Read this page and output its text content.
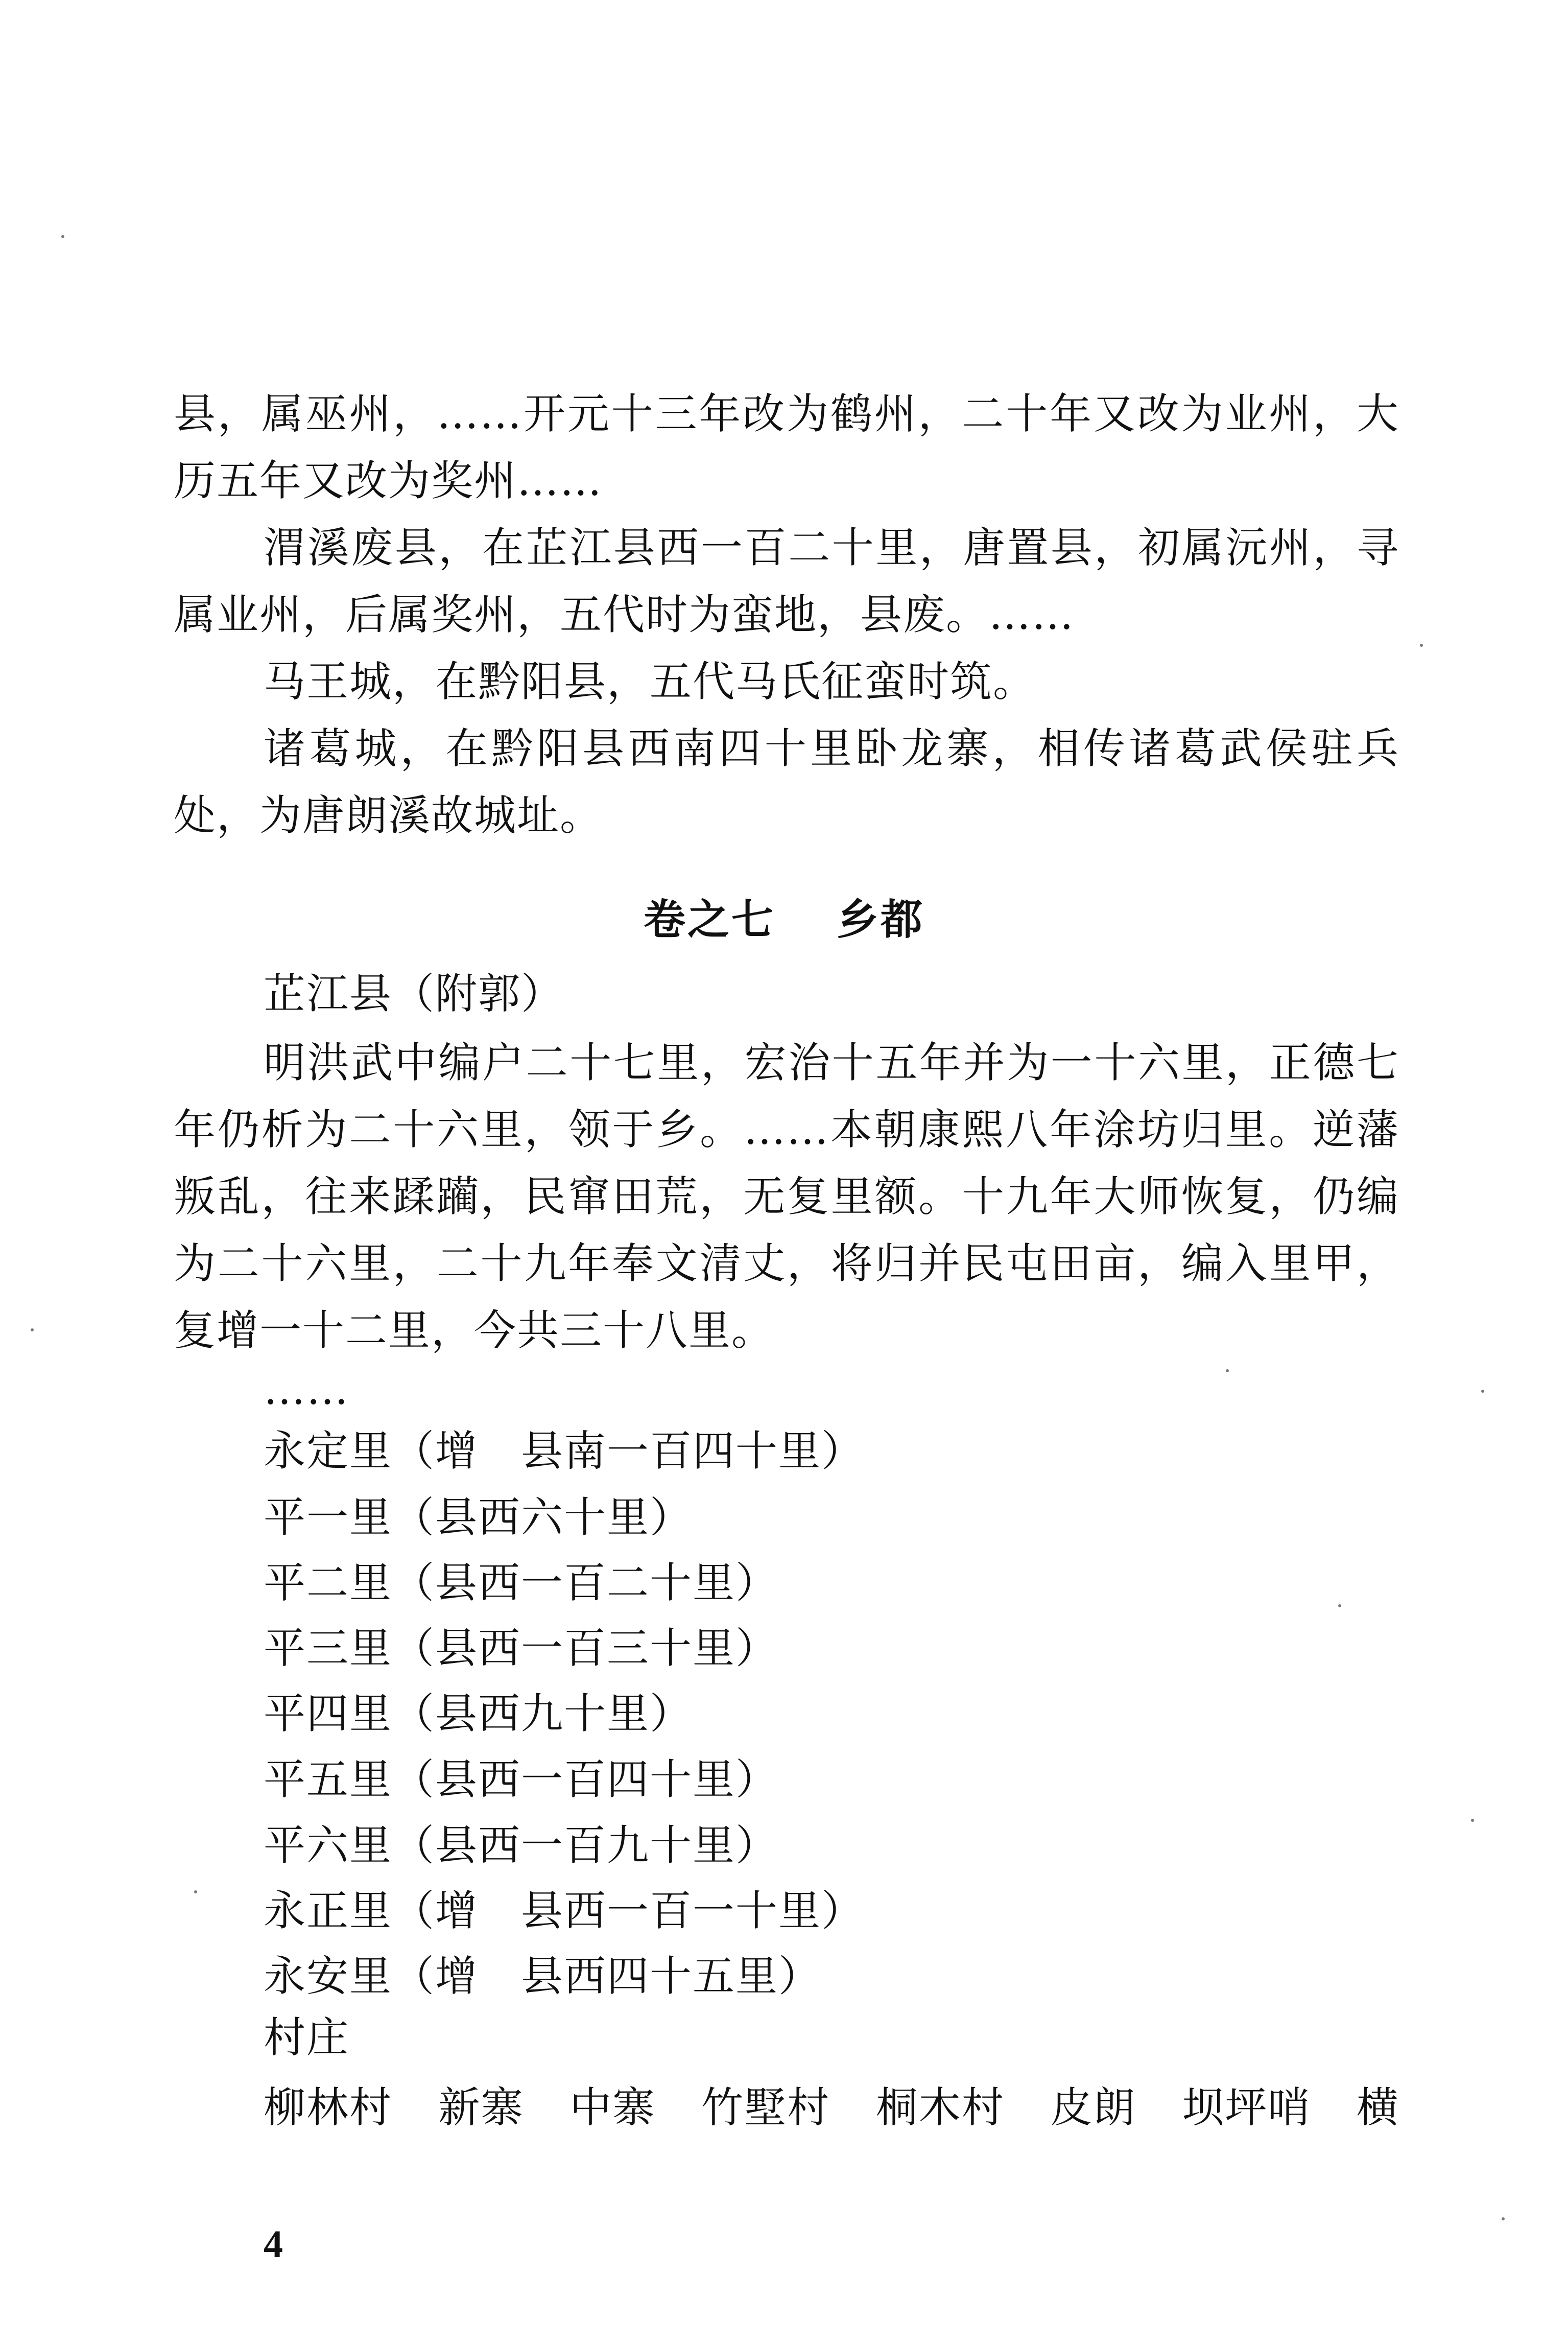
县，属巫州，……开元十三年改为鹤州，二十年又改为业州，大历五年又改为奖州……
渭溪废县，在芷江县西一百二十里，唐置县，初属沅州，寻属业州，后属奖州，五代时为蛮地，县废。……
马王城，在黔阳县，五代马氏征蛮时筑。
诸葛城，在黔阳县西南四十里卧龙寨，相传诸葛武侯驻兵处，为唐朗溪故城址。
卷之七 乡都
芷江县（附郭）
明洪武中编户二十七里，宏治十五年并为一十六里，正德七年仍析为二十六里，领于乡。……本朝康熙八年涂坊归里。逆藩叛乱，往来蹂躏，民窜田荒，无复里额。十九年大师恢复，仍编为二十六里，二十九年奉文清丈，将归并民屯田亩，编入里甲，复增一十二里，今共三十八里。
……
永定里（增　县南一百四十里）
平一里（县西六十里）
平二里（县西一百二十里）
平三里（县西一百三十里）
平四里（县西九十里）
平五里（县西一百四十里）
平六里（县西一百九十里）
永正里（增　县西一百一十里）
永安里（增　县西四十五里）
村庄
柳林村 新寨 中寨 竹墅村 桐木村 皮朗 坝坪哨 横
4
